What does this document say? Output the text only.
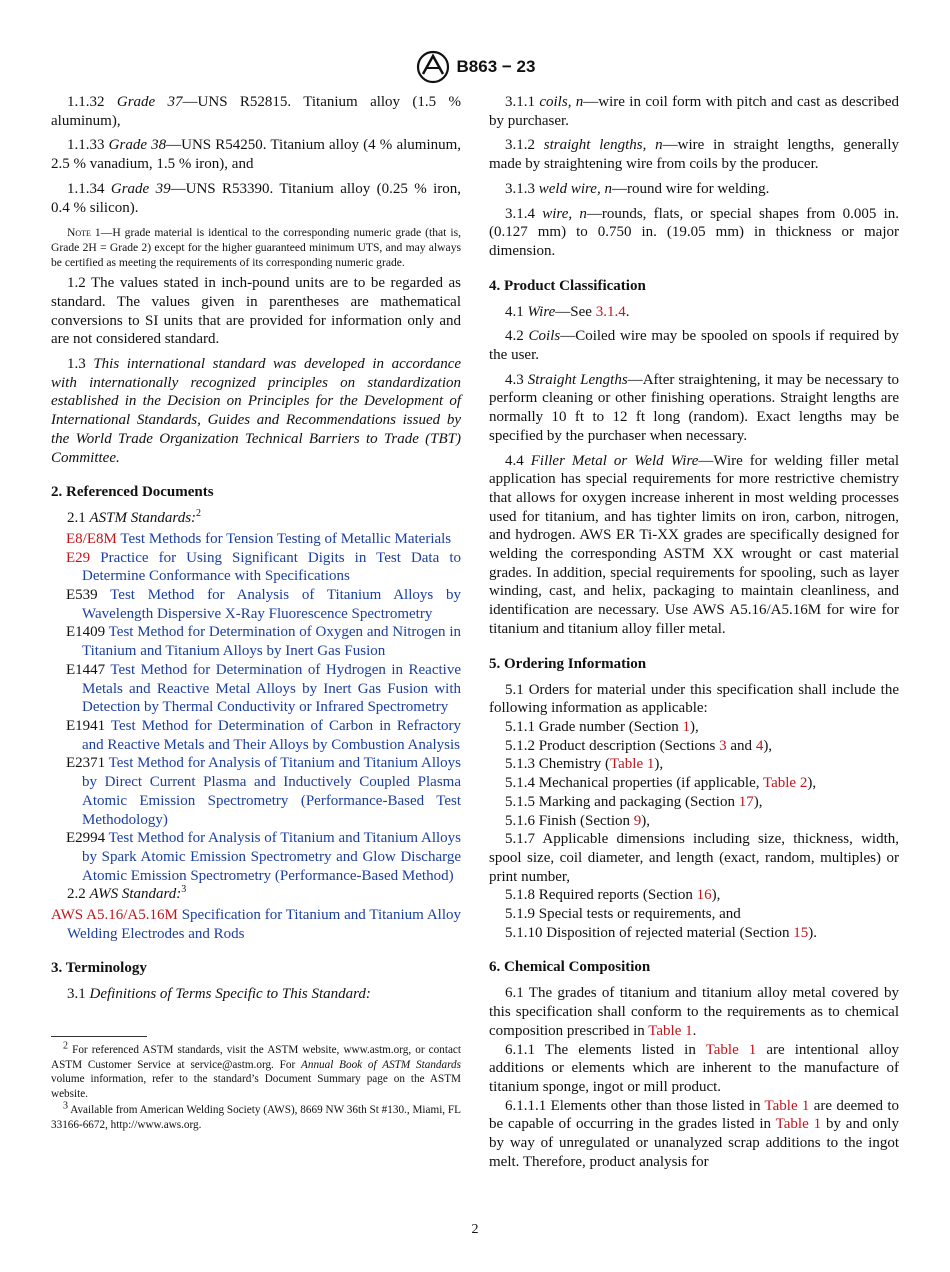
B863 − 23

1.1.32 Grade 37—UNS R52815. Titanium alloy (1.5 % aluminum),

1.1.33 Grade 38—UNS R54250. Titanium alloy (4 % aluminum, 2.5 % vanadium, 1.5 % iron), and

1.1.34 Grade 39—UNS R53390. Titanium alloy (0.25 % iron, 0.4 % silicon).

Note 1—H grade material is identical to the corresponding numeric grade (that is, Grade 2H = Grade 2) except for the higher guaranteed minimum UTS, and may always be certified as meeting the requirements of its corresponding numeric grade.

1.2 The values stated in inch-pound units are to be regarded as standard. The values given in parentheses are mathematical conversions to SI units that are provided for information only and are not considered standard.

1.3 This international standard was developed in accordance with internationally recognized principles on standardization established in the Decision on Principles for the Development of International Standards, Guides and Recommendations issued by the World Trade Organization Technical Barriers to Trade (TBT) Committee.

2. Referenced Documents

2.1 ASTM Standards:$^2$

E8/E8M Test Methods for Tension Testing of Metallic Materials

E29 Practice for Using Significant Digits in Test Data to Determine Conformance with Specifications

E539 Test Method for Analysis of Titanium Alloys by Wavelength Dispersive X-Ray Fluorescence Spectrometry

E1409 Test Method for Determination of Oxygen and Nitrogen in Titanium and Titanium Alloys by Inert Gas Fusion

E1447 Test Method for Determination of Hydrogen in Reactive Metals and Reactive Metal Alloys by Inert Gas Fusion with Detection by Thermal Conductivity or Infrared Spectrometry

E1941 Test Method for Determination of Carbon in Refractory and Reactive Metals and Their Alloys by Combustion Analysis

E2371 Test Method for Analysis of Titanium and Titanium Alloys by Direct Current Plasma and Inductively Coupled Plasma Atomic Emission Spectrometry (Performance-Based Test Methodology)

E2994 Test Method for Analysis of Titanium and Titanium Alloys by Spark Atomic Emission Spectrometry and Glow Discharge Atomic Emission Spectrometry (Performance-Based Method)

2.2 AWS Standard:$^3$

AWS A5.16/A5.16M Specification for Titanium and Titanium Alloy Welding Electrodes and Rods

3. Terminology

3.1 Definitions of Terms Specific to This Standard:

$^2$ For referenced ASTM standards, visit the ASTM website, www.astm.org, or contact ASTM Customer Service at service@astm.org. For Annual Book of ASTM Standards volume information, refer to the standard’s Document Summary page on the ASTM website.

$^3$ Available from American Welding Society (AWS), 8669 NW 36th St #130., Miami, FL 33166-6672, http://www.aws.org.

3.1.1 coils, n—wire in coil form with pitch and cast as described by purchaser.

3.1.2 straight lengths, n—wire in straight lengths, generally made by straightening wire from coils by the producer.

3.1.3 weld wire, n—round wire for welding.

3.1.4 wire, n—rounds, flats, or special shapes from 0.005 in. (0.127 mm) to 0.750 in. (19.05 mm) in thickness or major dimension.

4. Product Classification

4.1 Wire—See 3.1.4.

4.2 Coils—Coiled wire may be spooled on spools if required by the user.

4.3 Straight Lengths—After straightening, it may be necessary to perform cleaning or other finishing operations. Straight lengths are normally 10 ft to 12 ft long (random). Exact lengths may be specified by the purchaser when necessary.

4.4 Filler Metal or Weld Wire—Wire for welding filler metal application has special requirements for more restrictive chemistry that allows for oxygen increase inherent in most welding processes used for titanium, and has tighter limits on iron, carbon, nitrogen, and hydrogen. AWS ER Ti-XX grades are specifically designed for welding the corresponding ASTM XX wrought or cast material grades. In addition, special requirements for spooling, such as layer winding, cast, and helix, packaging to maintain cleanliness, and identification are necessary. Use AWS A5.16/A5.16M for wire for titanium and titanium alloy filler metal.

5. Ordering Information

5.1 Orders for material under this specification shall include the following information as applicable:

5.1.1 Grade number (Section 1),

5.1.2 Product description (Sections 3 and 4),

5.1.3 Chemistry (Table 1),

5.1.4 Mechanical properties (if applicable, Table 2),

5.1.5 Marking and packaging (Section 17),

5.1.6 Finish (Section 9),

5.1.7 Applicable dimensions including size, thickness, width, spool size, coil diameter, and length (exact, random, multiples) or print number,

5.1.8 Required reports (Section 16),

5.1.9 Special tests or requirements, and

5.1.10 Disposition of rejected material (Section 15).

6. Chemical Composition

6.1 The grades of titanium and titanium alloy metal covered by this specification shall conform to the requirements as to chemical composition prescribed in Table 1.

6.1.1 The elements listed in Table 1 are intentional alloy additions or elements which are inherent to the manufacture of titanium sponge, ingot or mill product.

6.1.1.1 Elements other than those listed in Table 1 are deemed to be capable of occurring in the grades listed in Table 1 by and only by way of unregulated or unanalyzed scrap additions to the ingot melt. Therefore, product analysis for

2
